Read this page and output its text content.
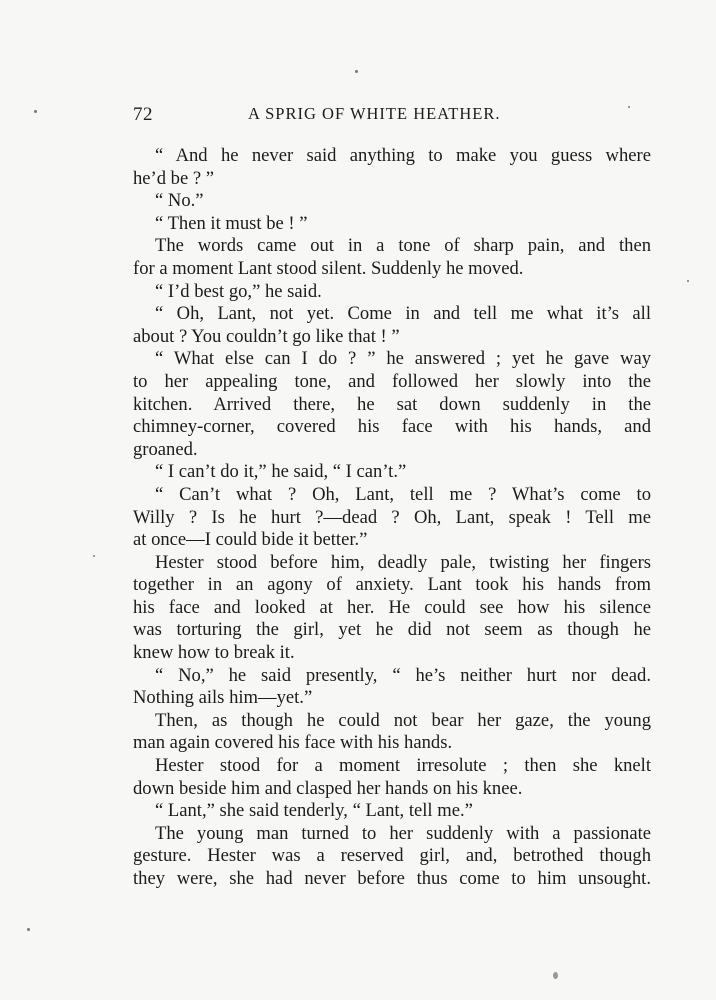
72	A SPRIG OF WHITE HEATHER.
“ And he never said anything to make you guess where
he’d be ? ”
“ No.”
“ Then it must be ! ”
The words came out in a tone of sharp pain, and then
for a moment Lant stood silent. Suddenly he moved.
“ I’d best go,” he said.
“ Oh, Lant, not yet. Come in and tell me what it’s all
about ? You couldn’t go like that ! ”
“ What else can I do ? ” he answered ; yet he gave way
to her appealing tone, and followed her slowly into the
kitchen. Arrived there, he sat down suddenly in the
chimney-corner, covered his face with his hands, and
groaned.
“ I can’t do it,” he said, “ I can’t.”
“ Can’t what ? Oh, Lant, tell me ? What’s come to
Willy ? Is he hurt ?—dead ? Oh, Lant, speak ! Tell me
at once—I could bide it better.”
Hester stood before him, deadly pale, twisting her fingers
together in an agony of anxiety. Lant took his hands from
his face and looked at her. He could see how his silence
was torturing the girl, yet he did not seem as though he
knew how to break it.
“ No,” he said presently, “ he’s neither hurt nor dead.
Nothing ails him—yet.”
Then, as though he could not bear her gaze, the young
man again covered his face with his hands.
Hester stood for a moment irresolute ; then she knelt
down beside him and clasped her hands on his knee.
“ Lant,” she said tenderly, “ Lant, tell me.”
The young man turned to her suddenly with a passionate
gesture. Hester was a reserved girl, and, betrothed though
they were, she had never before thus come to him unsought.
